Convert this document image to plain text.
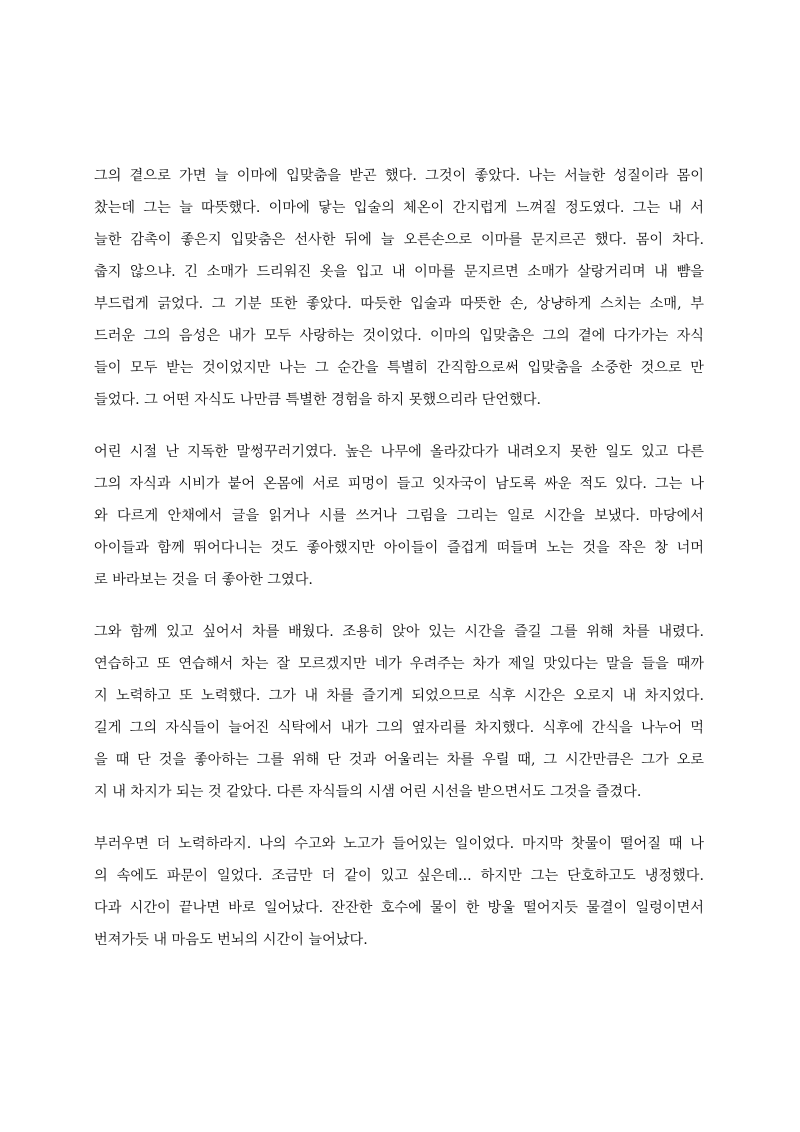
그의 곁으로 가면 늘 이마에 입맞춤을 받곤 했다. 그것이 좋았다. 나는 서늘한 성질이라 몸이
찼는데 그는 늘 따뜻했다. 이마에 닿는 입술의 체온이 간지럽게 느껴질 정도였다. 그는 내 서
늘한 감촉이 좋은지 입맞춤은 선사한 뒤에 늘 오른손으로 이마를 문지르곤 했다. 몸이 차다.
춥지 않으냐. 긴 소매가 드리워진 옷을 입고 내 이마를 문지르면 소매가 살랑거리며 내 뺨을
부드럽게 긁었다. 그 기분 또한 좋았다. 따듯한 입술과 따뜻한 손, 상냥하게 스치는 소매, 부
드러운 그의 음성은 내가 모두 사랑하는 것이었다. 이마의 입맞춤은 그의 곁에 다가가는 자식
들이 모두 받는 것이었지만 나는 그 순간을 특별히 간직함으로써 입맞춤을 소중한 것으로 만
들었다. 그 어떤 자식도 나만큼 특별한 경험을 하지 못했으리라 단언했다.
어린 시절 난 지독한 말썽꾸러기였다. 높은 나무에 올라갔다가 내려오지 못한 일도 있고 다른
그의 자식과 시비가 붙어 온몸에 서로 피멍이 들고 잇자국이 남도록 싸운 적도 있다. 그는 나
와 다르게 안채에서 글을 읽거나 시를 쓰거나 그림을 그리는 일로 시간을 보냈다. 마당에서
아이들과 함께 뛰어다니는 것도 좋아했지만 아이들이 즐겁게 떠들며 노는 것을 작은 창 너머
로 바라보는 것을 더 좋아한 그였다.
그와 함께 있고 싶어서 차를 배웠다. 조용히 앉아 있는 시간을 즐길 그를 위해 차를 내렸다.
연습하고 또 연습해서 차는 잘 모르겠지만 네가 우려주는 차가 제일 맛있다는 말을 들을 때까
지 노력하고 또 노력했다. 그가 내 차를 즐기게 되었으므로 식후 시간은 오로지 내 차지었다.
길게 그의 자식들이 늘어진 식탁에서 내가 그의 옆자리를 차지했다. 식후에 간식을 나누어 먹
을 때 단 것을 좋아하는 그를 위해 단 것과 어울리는 차를 우릴 때, 그 시간만큼은 그가 오로
지 내 차지가 되는 것 같았다. 다른 자식들의 시샘 어린 시선을 받으면서도 그것을 즐겼다.
부러우면 더 노력하라지. 나의 수고와 노고가 들어있는 일이었다. 마지막 찻물이 떨어질 때 나
의 속에도 파문이 일었다. 조금만 더 같이 있고 싶은데... 하지만 그는 단호하고도 냉정했다.
다과 시간이 끝나면 바로 일어났다. 잔잔한 호수에 물이 한 방울 떨어지듯 물결이 일렁이면서
번져가듯 내 마음도 번뇌의 시간이 늘어났다.
